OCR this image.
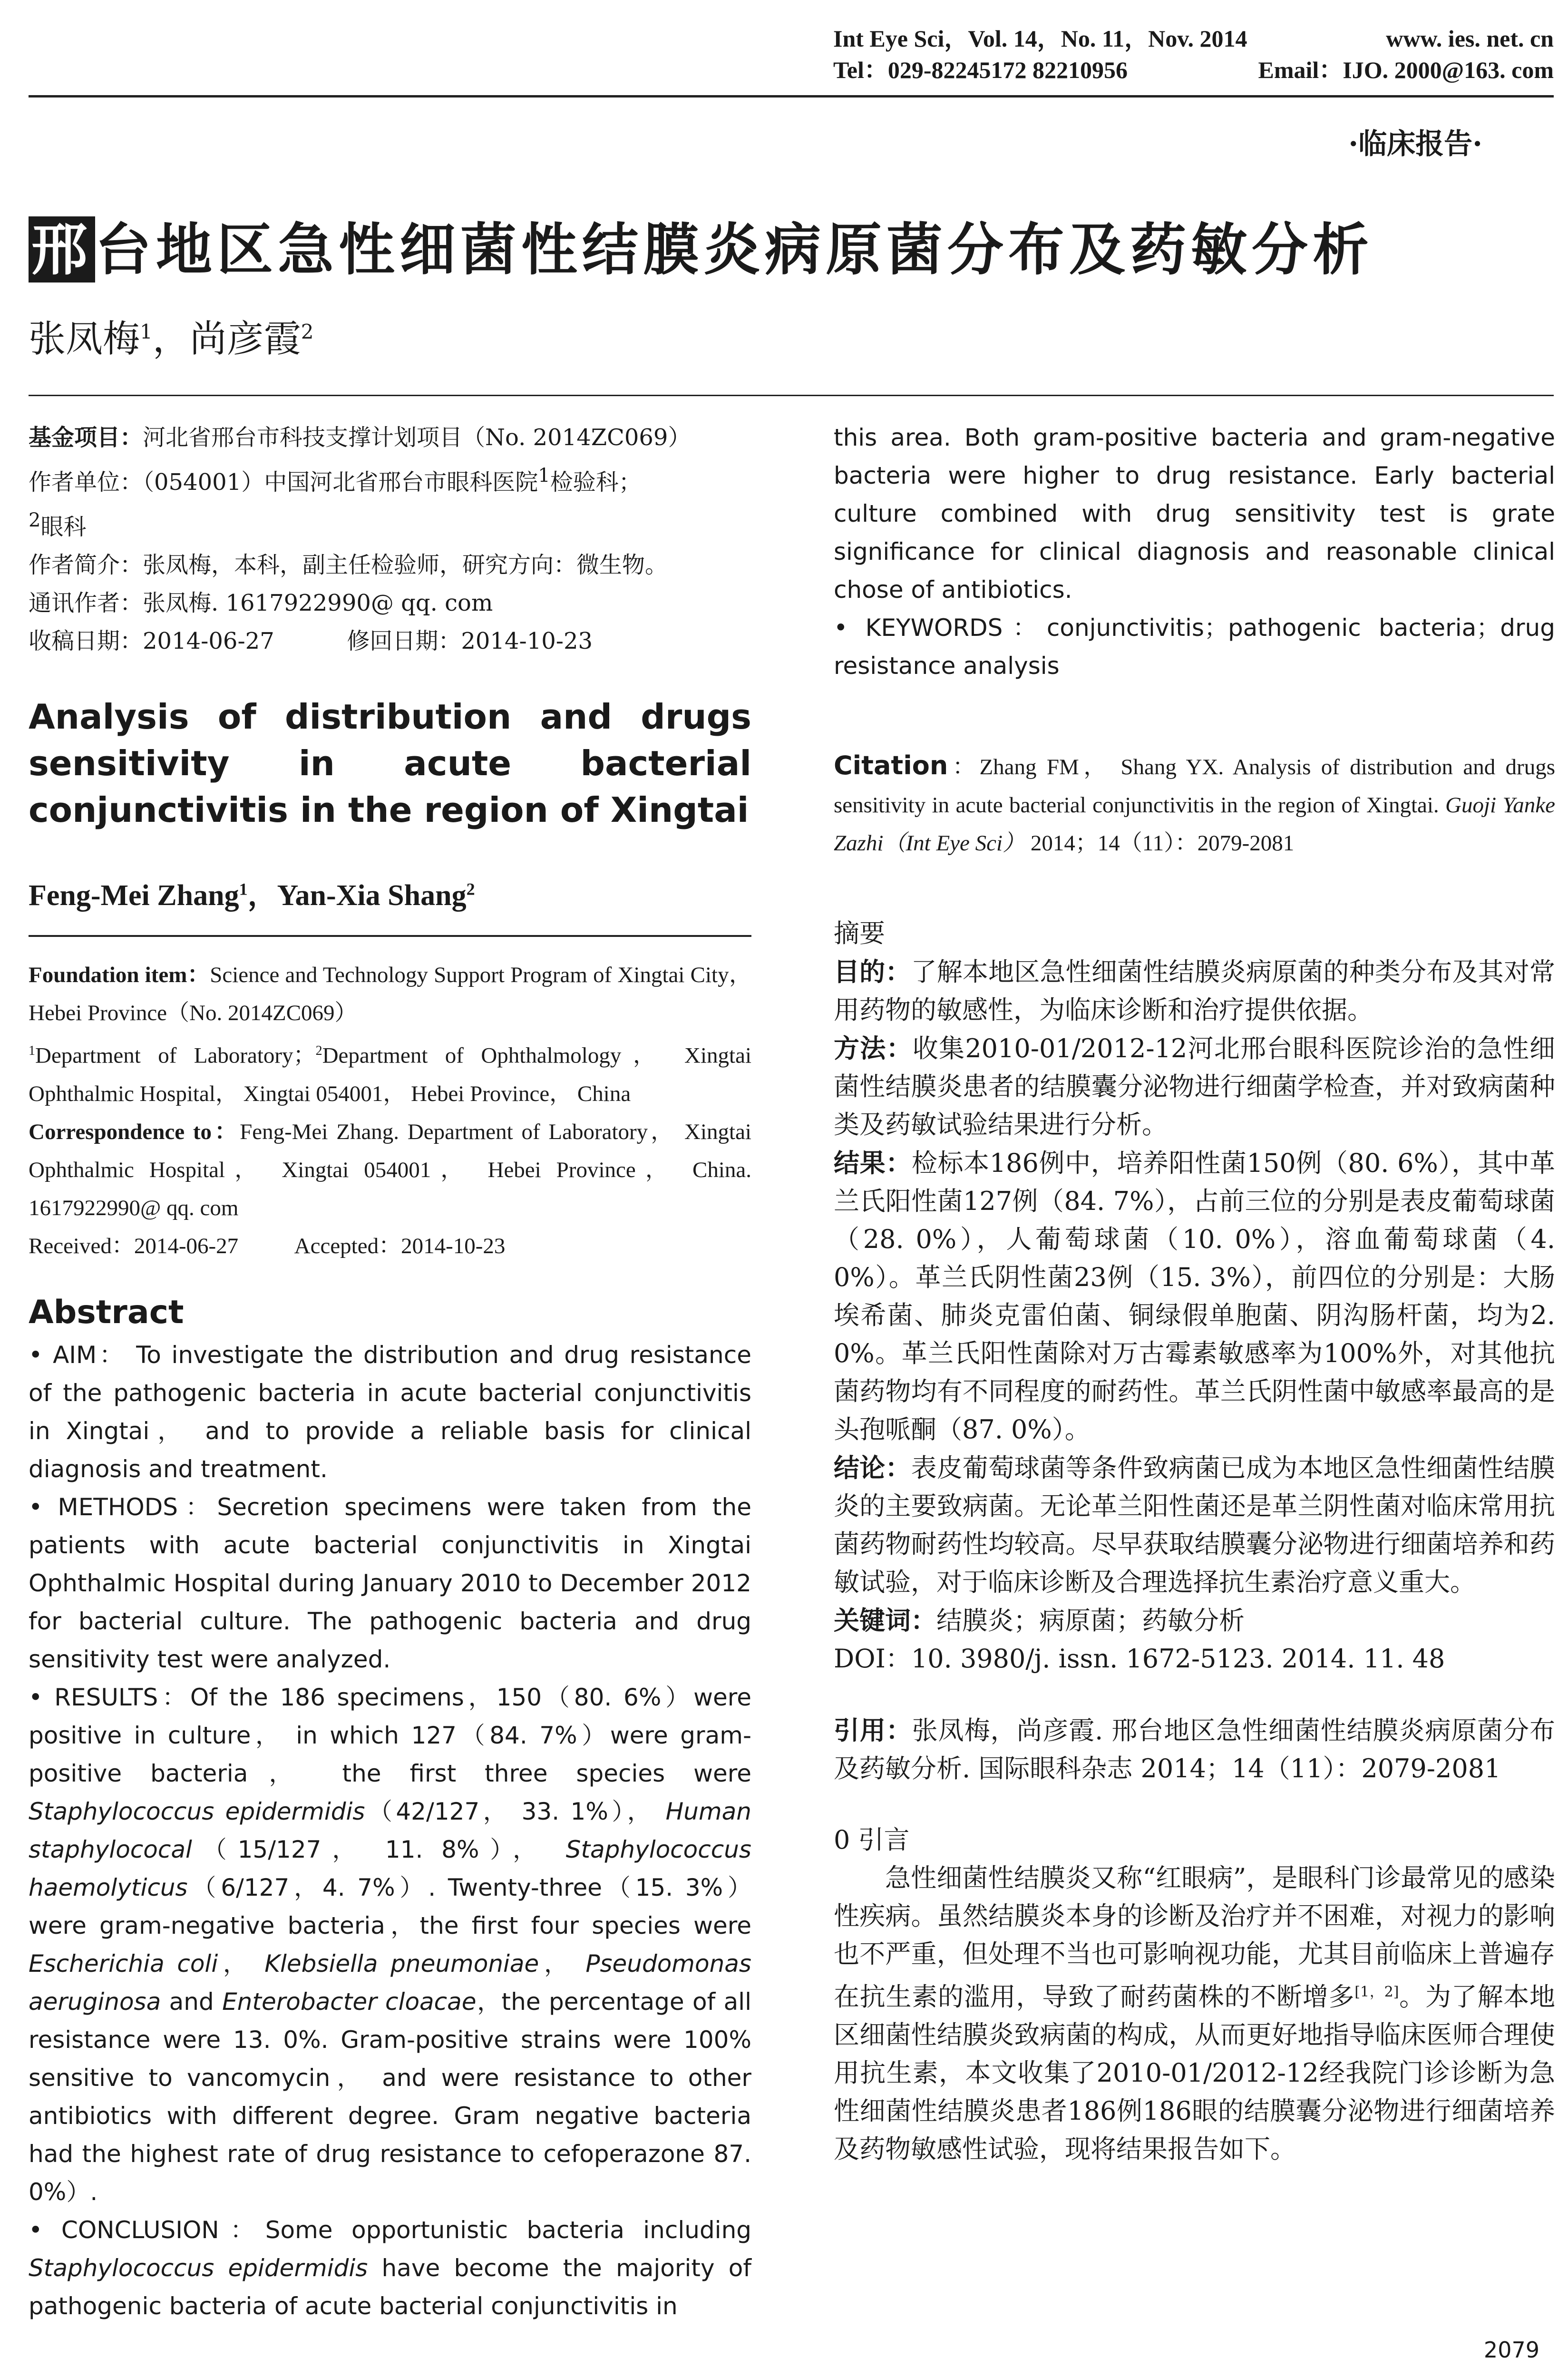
Int Eye Sci，Vol. 14，No. 11，Nov. 2014	www. ies. net. cn
Tel：029-82245172 82210956	Email：IJO. 2000@163. com
·临床报告·
邢台地区急性细菌性结膜炎病原菌分布及药敏分析
张凤梅$^1$，尚彦霞$^2$

基金项目：河北省邢台市科技支撑计划项目（No. 2014ZC069）

作者单位：（054001）中国河北省邢台市眼科医院$^1$检验科；

$^2$眼科

作者简介：张凤梅，本科，副主任检验师，研究方向：微生物。

通讯作者：张凤梅. 1617922990@ qq. com

收稿日期：2014-06-27	修回日期：2014-10-23

Analysis of distribution and drugs sensitivity in acute bacterial conjunctivitis in the region of Xingtai
Feng-Mei Zhang$^1$，Yan-Xia Shang$^2$

Foundation item：Science and Technology Support Program of Xingtai City， Hebei Province（No. 2014ZC069）

$^1$Department of Laboratory；$^2$Department of Ophthalmology， Xingtai Ophthalmic Hospital， Xingtai 054001， Hebei Province， China

Correspondence to：Feng-Mei Zhang. Department of Laboratory， Xingtai Ophthalmic Hospital， Xingtai 054001， Hebei Province， China. 1617922990@ qq. com

Received：2014-06-27	Accepted：2014-10-23

Abstract

• AIM： To investigate the distribution and drug resistance of the pathogenic bacteria in acute bacterial conjunctivitis in Xingtai， and to provide a reliable basis for clinical diagnosis and treatment.

• METHODS：Secretion specimens were taken from the patients with acute bacterial conjunctivitis in Xingtai Ophthalmic Hospital during January 2010 to December 2012 for bacterial culture. The pathogenic bacteria and drug sensitivity test were analyzed.

• RESULTS：Of the 186 specimens，150（80. 6%）were positive in culture， in which 127（84. 7%）were gram-positive bacteria， the first three species were Staphylococcus epidermidis（42/127， 33. 1%）， Human staphylococal（15/127， 11. 8%）， Staphylococcus haemolyticus（6/127，4. 7%）. Twenty-three（15. 3%） were gram-negative bacteria，the first four species were Escherichia coli， Klebsiella pneumoniae， Pseudomonas aeruginosa and Enterobacter cloacae，the percentage of all resistance were 13. 0%. Gram-positive strains were 100% sensitive to vancomycin， and were resistance to other antibiotics with different degree. Gram negative bacteria had the highest rate of drug resistance to cefoperazone 87. 0%）.

• CONCLUSION：Some opportunistic bacteria including Staphylococcus epidermidis have become the majority of pathogenic bacteria of acute bacterial conjunctivitis in

this area. Both gram-positive bacteria and gram-negative bacteria were higher to drug resistance. Early bacterial culture combined with drug sensitivity test is grate significance for clinical diagnosis and reasonable clinical chose of antibiotics.

• KEYWORDS：conjunctivitis；pathogenic bacteria；drug resistance analysis

Citation：Zhang FM， Shang YX. Analysis of distribution and drugs sensitivity in acute bacterial conjunctivitis in the region of Xingtai. Guoji Yanke Zazhi（Int Eye Sci） 2014；14（11）：2079-2081

摘要

目的：了解本地区急性细菌性结膜炎病原菌的种类分布及其对常用药物的敏感性，为临床诊断和治疗提供依据。

方法：收集2010-01/2012-12河北邢台眼科医院诊治的急性细菌性结膜炎患者的结膜囊分泌物进行细菌学检查，并对致病菌种类及药敏试验结果进行分析。

结果：检标本186例中，培养阳性菌150例（80. 6%），其中革兰氏阳性菌127例（84. 7%），占前三位的分别是表皮葡萄球菌（28. 0%），人葡萄球菌（10. 0%），溶血葡萄球菌（4. 0%）。革兰氏阴性菌23例（15. 3%），前四位的分别是：大肠埃希菌、肺炎克雷伯菌、铜绿假单胞菌、阴沟肠杆菌，均为2. 0%。革兰氏阳性菌除对万古霉素敏感率为100%外，对其他抗菌药物均有不同程度的耐药性。革兰氏阴性菌中敏感率最高的是头孢哌酮（87. 0%）。

结论：表皮葡萄球菌等条件致病菌已成为本地区急性细菌性结膜炎的主要致病菌。无论革兰阳性菌还是革兰阴性菌对临床常用抗菌药物耐药性均较高。尽早获取结膜囊分泌物进行细菌培养和药敏试验，对于临床诊断及合理选择抗生素治疗意义重大。

关键词：结膜炎；病原菌；药敏分析

DOI：10. 3980/j. issn. 1672-5123. 2014. 11. 48

引用：张凤梅，尚彦霞. 邢台地区急性细菌性结膜炎病原菌分布及药敏分析. 国际眼科杂志 2014；14（11）：2079-2081

0 引言

急性细菌性结膜炎又称“红眼病”，是眼科门诊最常见的感染性疾病。虽然结膜炎本身的诊断及治疗并不困难，对视力的影响也不严重，但处理不当也可影响视功能，尤其目前临床上普遍存在抗生素的滥用，导致了耐药菌株的不断增多[1，2]。为了解本地区细菌性结膜炎致病菌的构成，从而更好地指导临床医师合理使用抗生素，本文收集了2010-01/2012-12经我院门诊诊断为急性细菌性结膜炎患者186例186眼的结膜囊分泌物进行细菌培养及药物敏感性试验，现将结果报告如下。

2079
